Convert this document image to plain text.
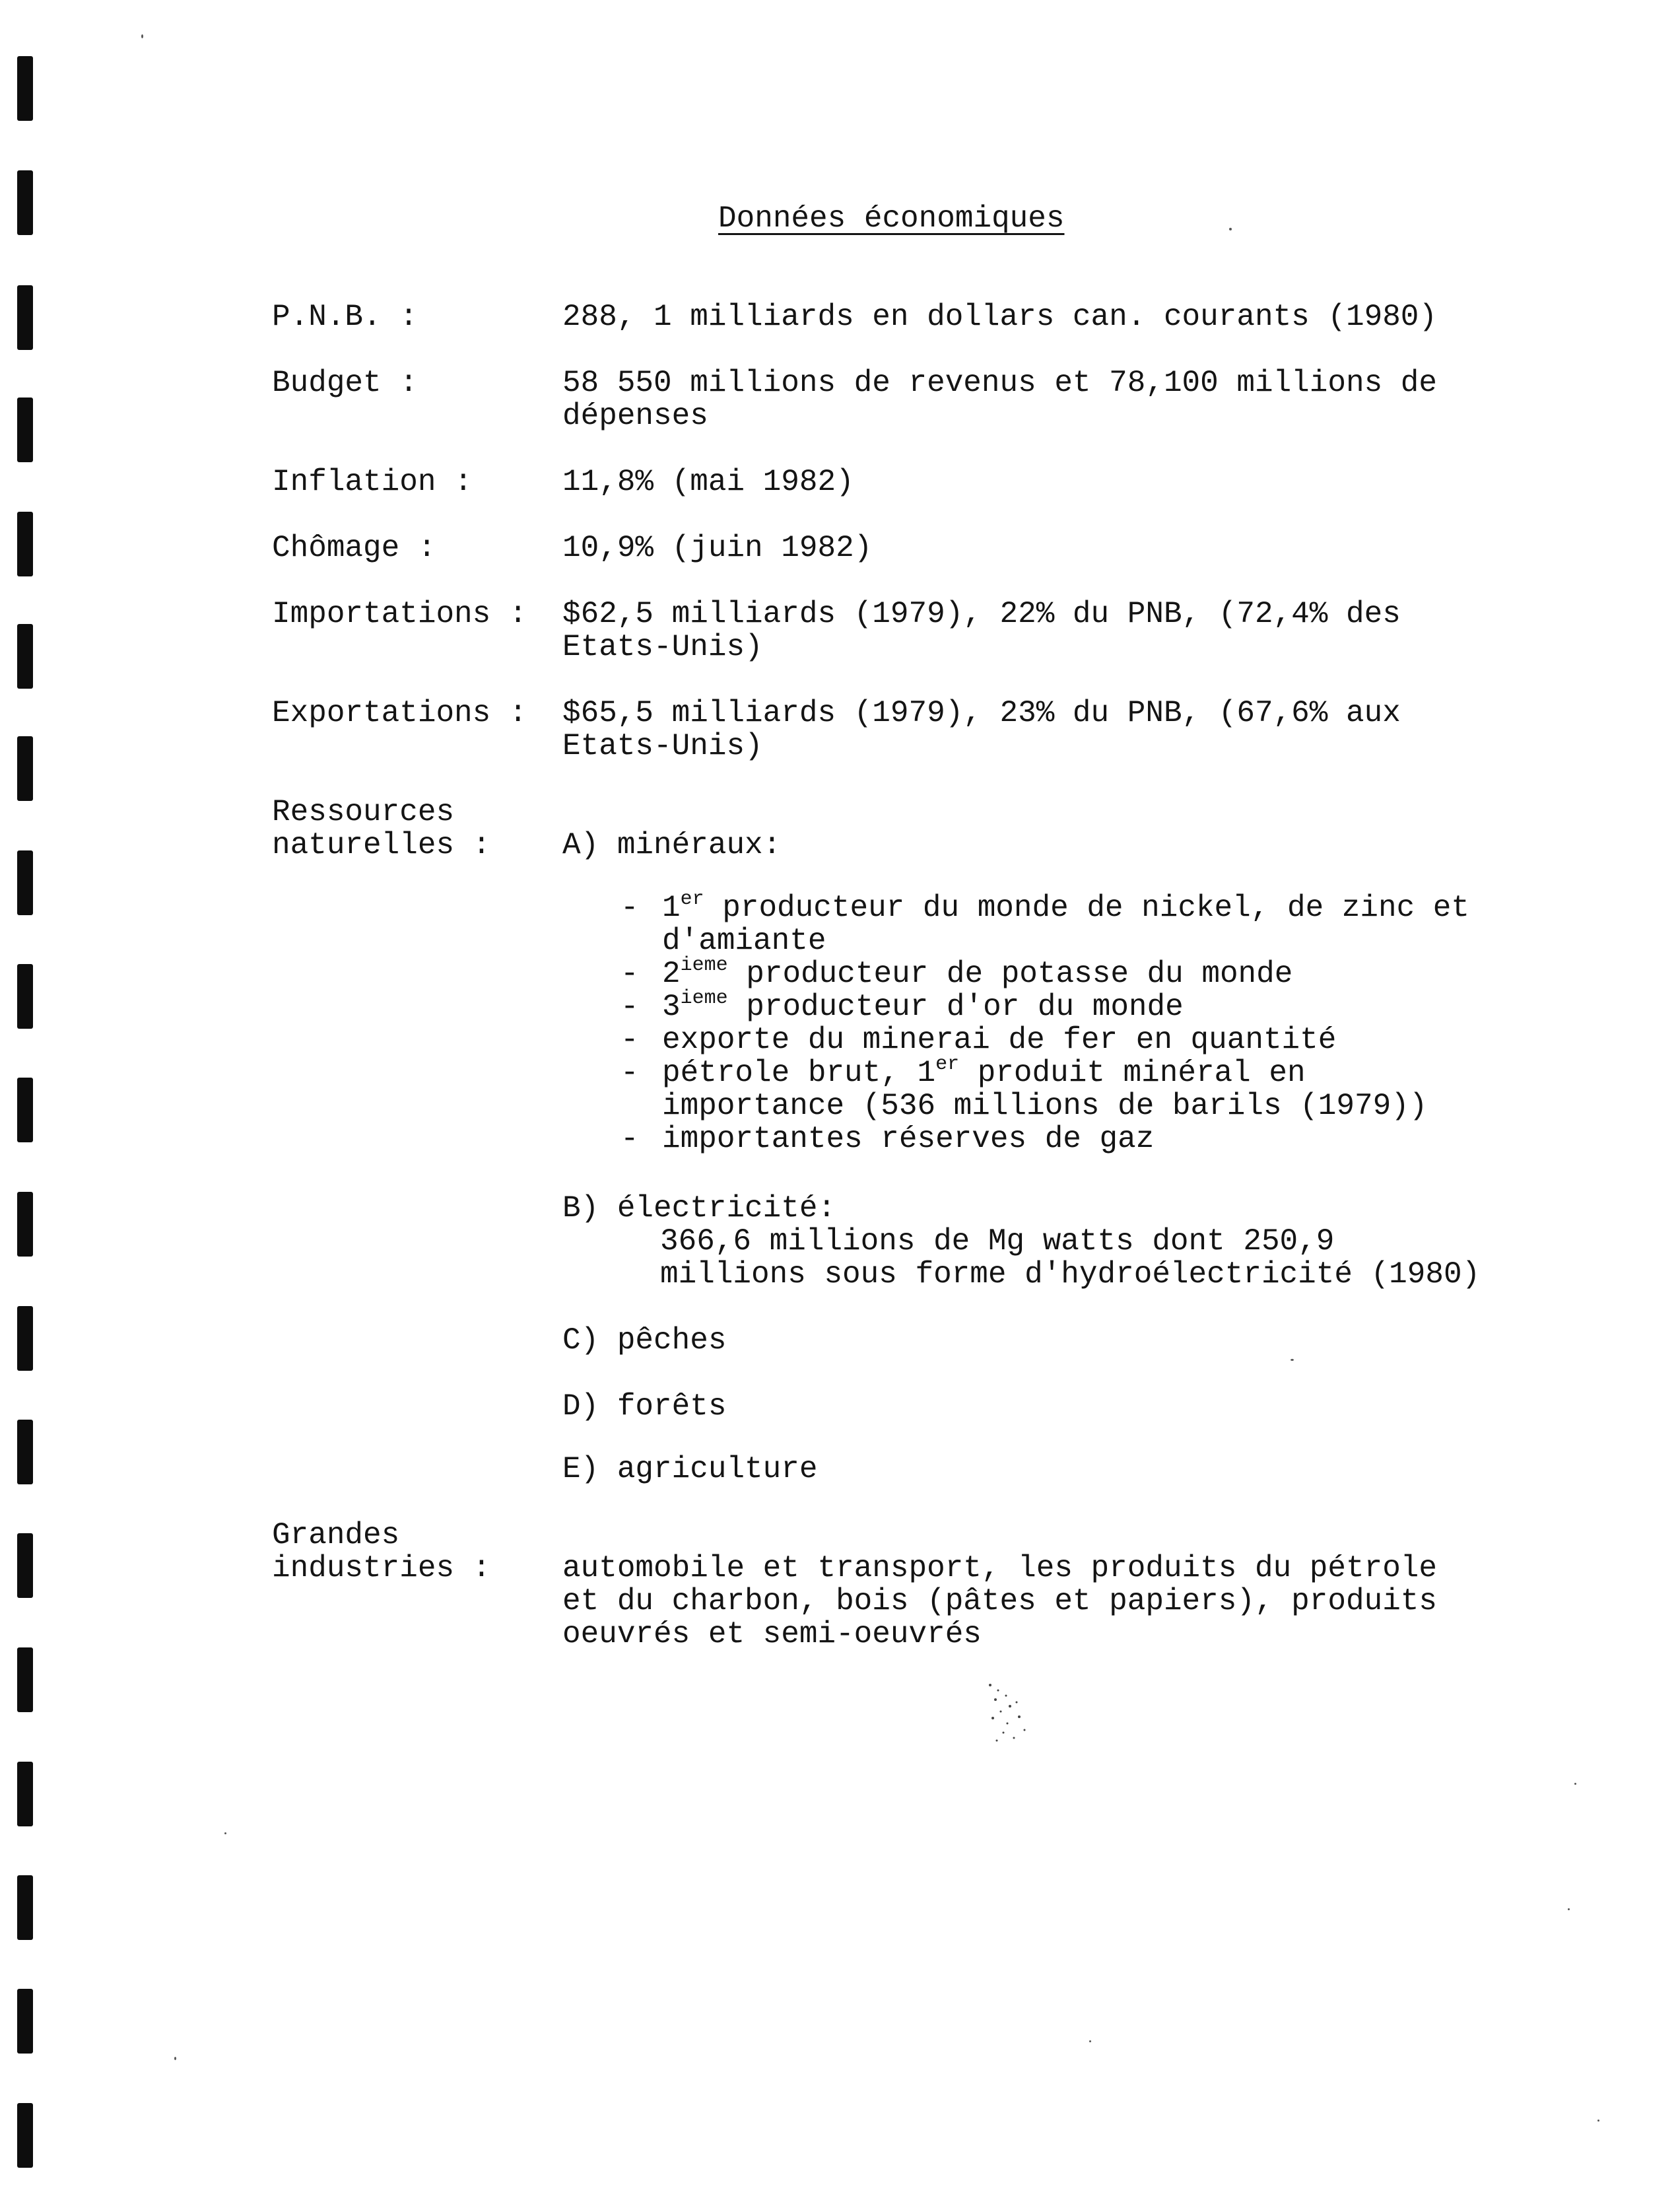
Données économiques
P.N.B. :	288, 1 milliards en dollars can. courants (1980)
Budget :	58 550 millions de revenus et 78,100 millions de
dépenses
Inflation :	11,8% (mai 1982)
Chômage :	10,9% (juin 1982)
Importations : $62,5 milliards (1979), 22% du PNB, (72,4% des
Etats-Unis)
Exportations : $65,5 milliards (1979), 23% du PNB, (67,6% aux
Etats-Unis)
Ressources
naturelles : A) minéraux:
- 1er producteur du monde de nickel, de zinc et
d'amiante
- 2ieme producteur de potasse du monde
- 3ieme producteur d'or du monde
- exporte du minerai de fer en quantité
- pétrole brut, 1er produit minéral en
importance (536 millions de barils (1979))
- importantes réserves de gaz
B) électricité:
366,6 millions de Mg watts dont 250,9
millions sous forme d'hydroélectricité (1980)
C) pêches
D) forêts
E) agriculture
Grandes
industries : automobile et transport, les produits du pétrole
et du charbon, bois (pâtes et papiers), produits
oeuvrés et semi-oeuvrés
